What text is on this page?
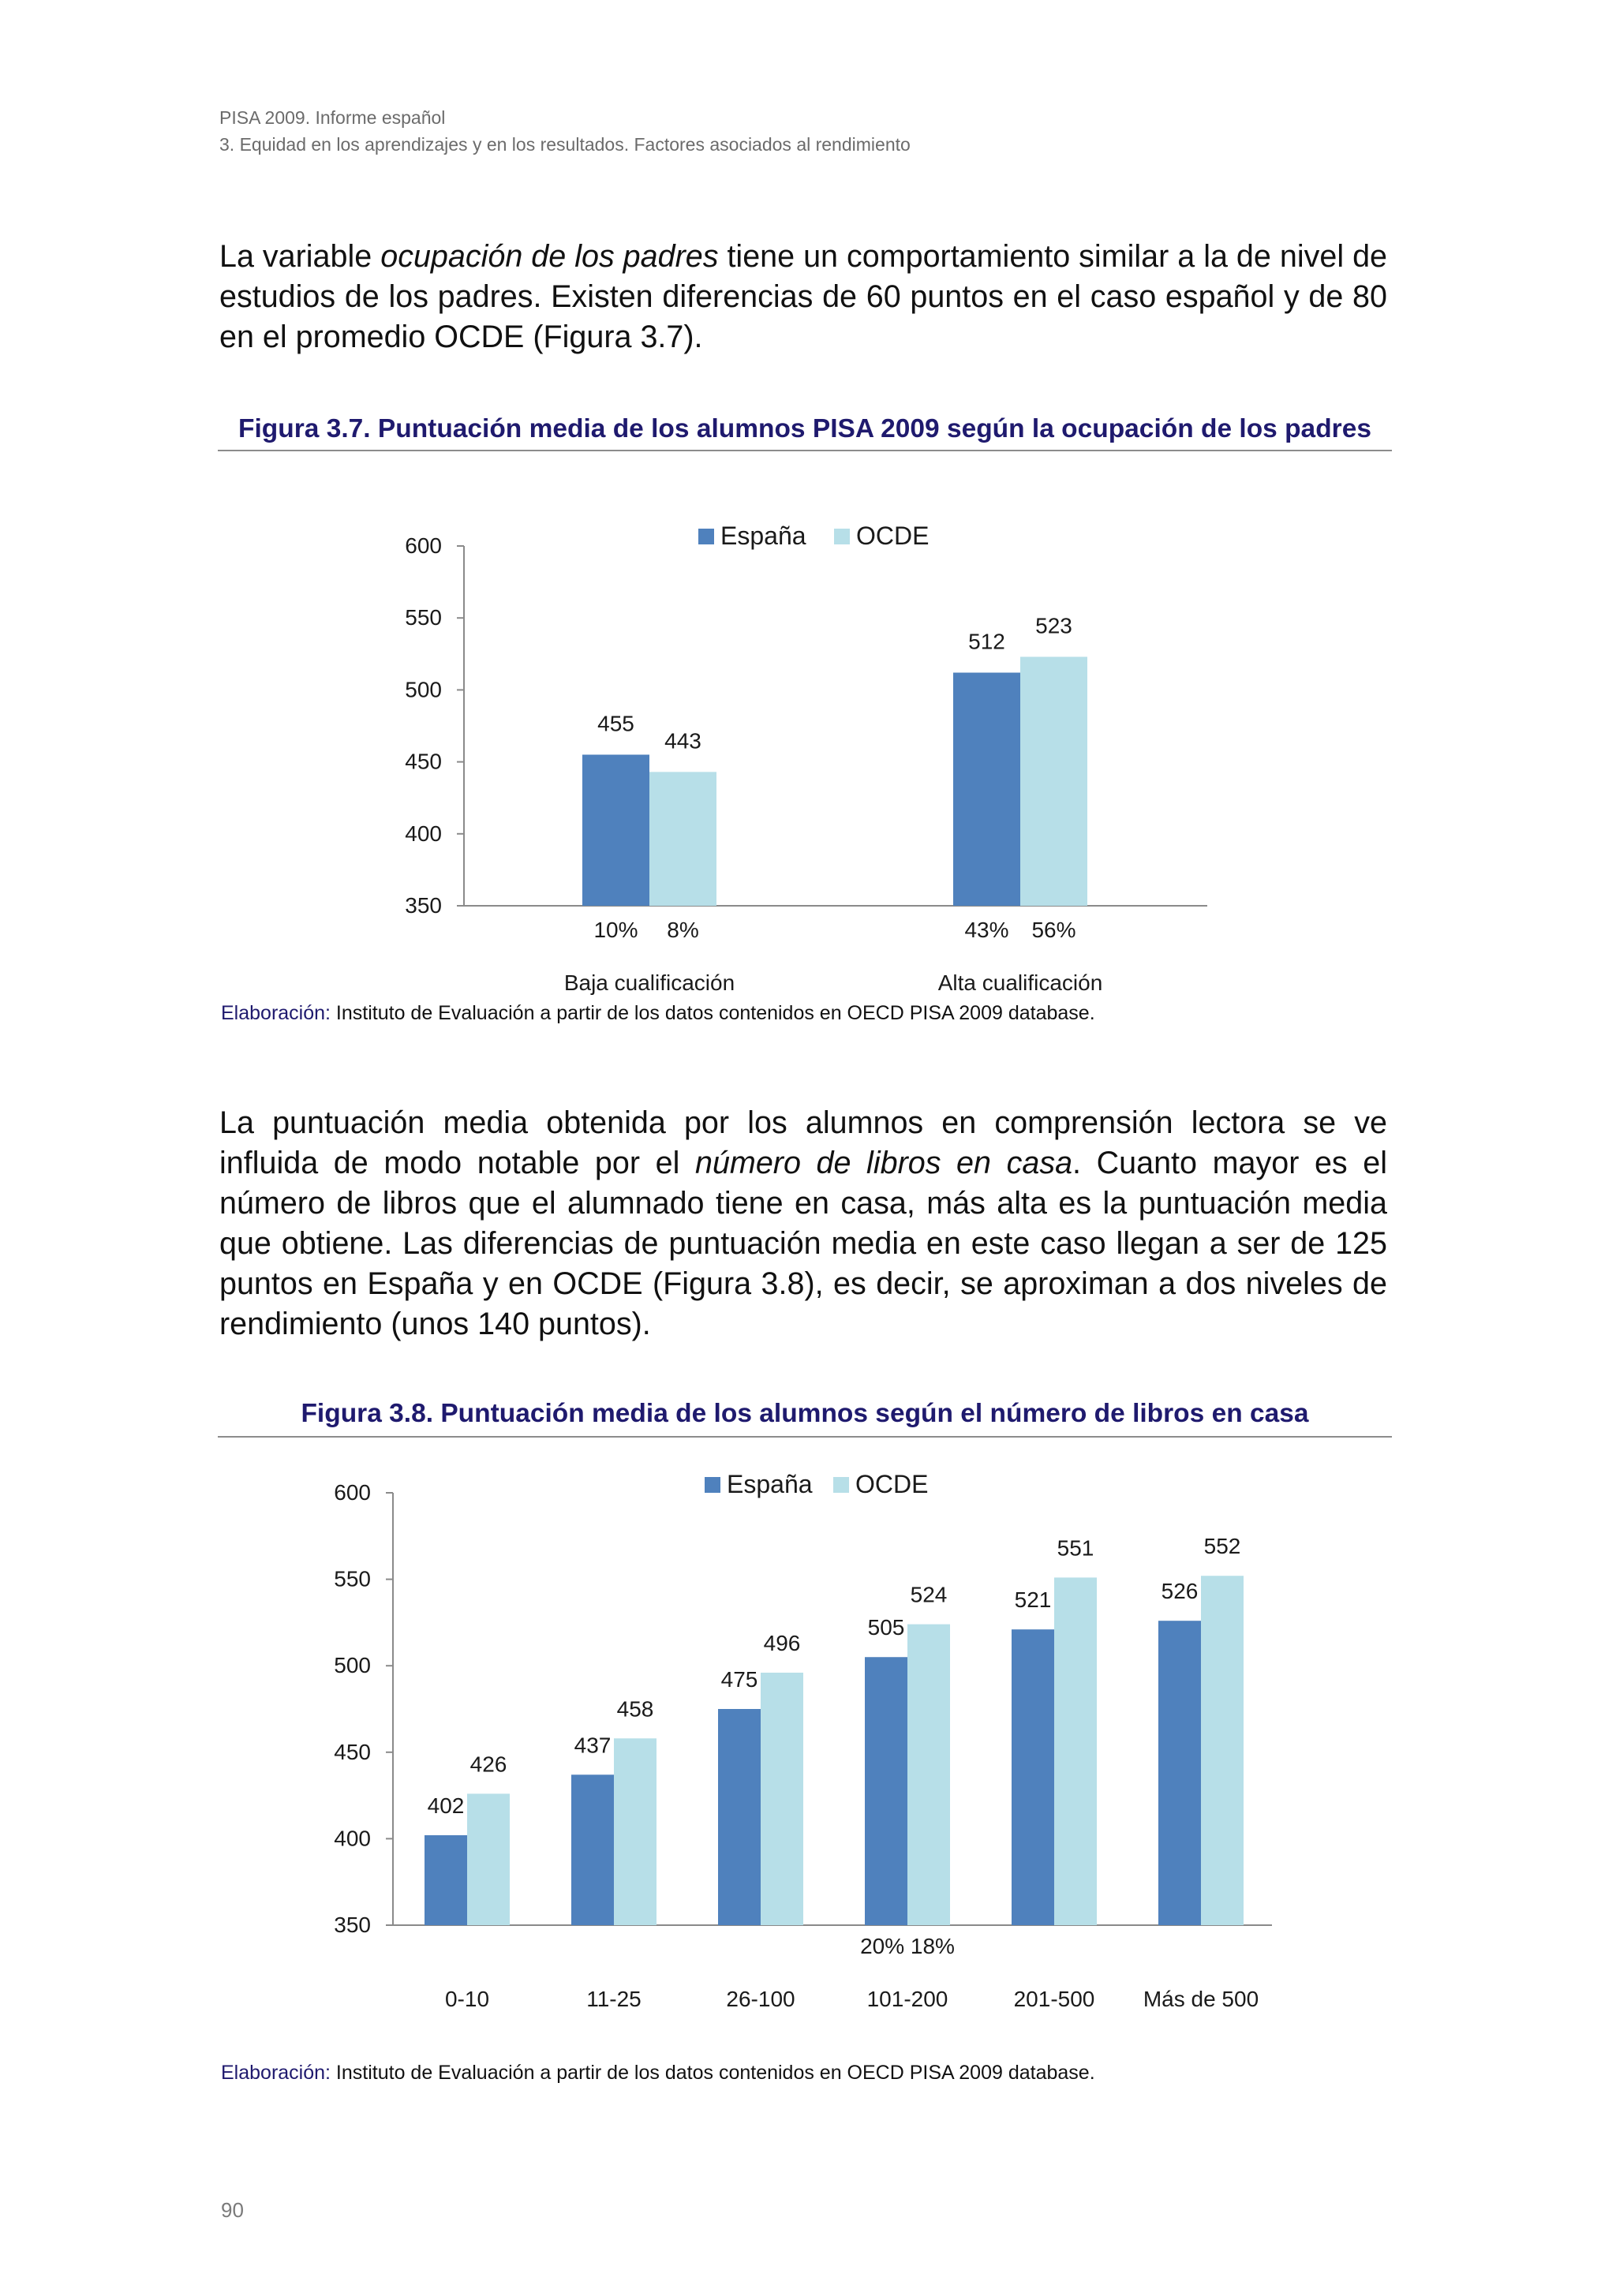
PISA 2009. Informe español
3. Equidad en los aprendizajes y en los resultados. Factores asociados al rendimiento
La variable ocupación de los padres tiene un comportamiento similar a la de nivel de estudios de los padres. Existen diferencias de 60 puntos en el caso español y de 80 en el promedio OCDE (Figura 3.7).
Figura 3.7. Puntuación media de los alumnos PISA 2009 según la ocupación de los padres
600
550
500
450
400
350
España OCDE
455
10%
443
8%
Baja cualificación
512
43%
523
56%
Alta cualificación
Elaboración: Instituto de Evaluación a partir de los datos contenidos en OECD PISA 2009 database.
La puntuación media obtenida por los alumnos en comprensión lectora se ve influida de modo notable por el número de libros en casa. Cuanto mayor es el número de libros que el alumnado tiene en casa, más alta es la puntuación media que obtiene. Las diferencias de puntuación media en este caso llegan a ser de 125 puntos en España y en OCDE (Figura 3.8), es decir, se aproximan a dos niveles de rendimiento (unos 140 puntos).
Figura 3.8. Puntuación media de los alumnos según el número de libros en casa
600
550
500
450
400
350
España OCDE
402
426
0-10
437
458
11-25
475
496
26-100
505
524
101-200
521
551
201-500
526
552
Más de 500
20% 18%
Elaboración: Instituto de Evaluación a partir de los datos contenidos en OECD PISA 2009 database.
90
